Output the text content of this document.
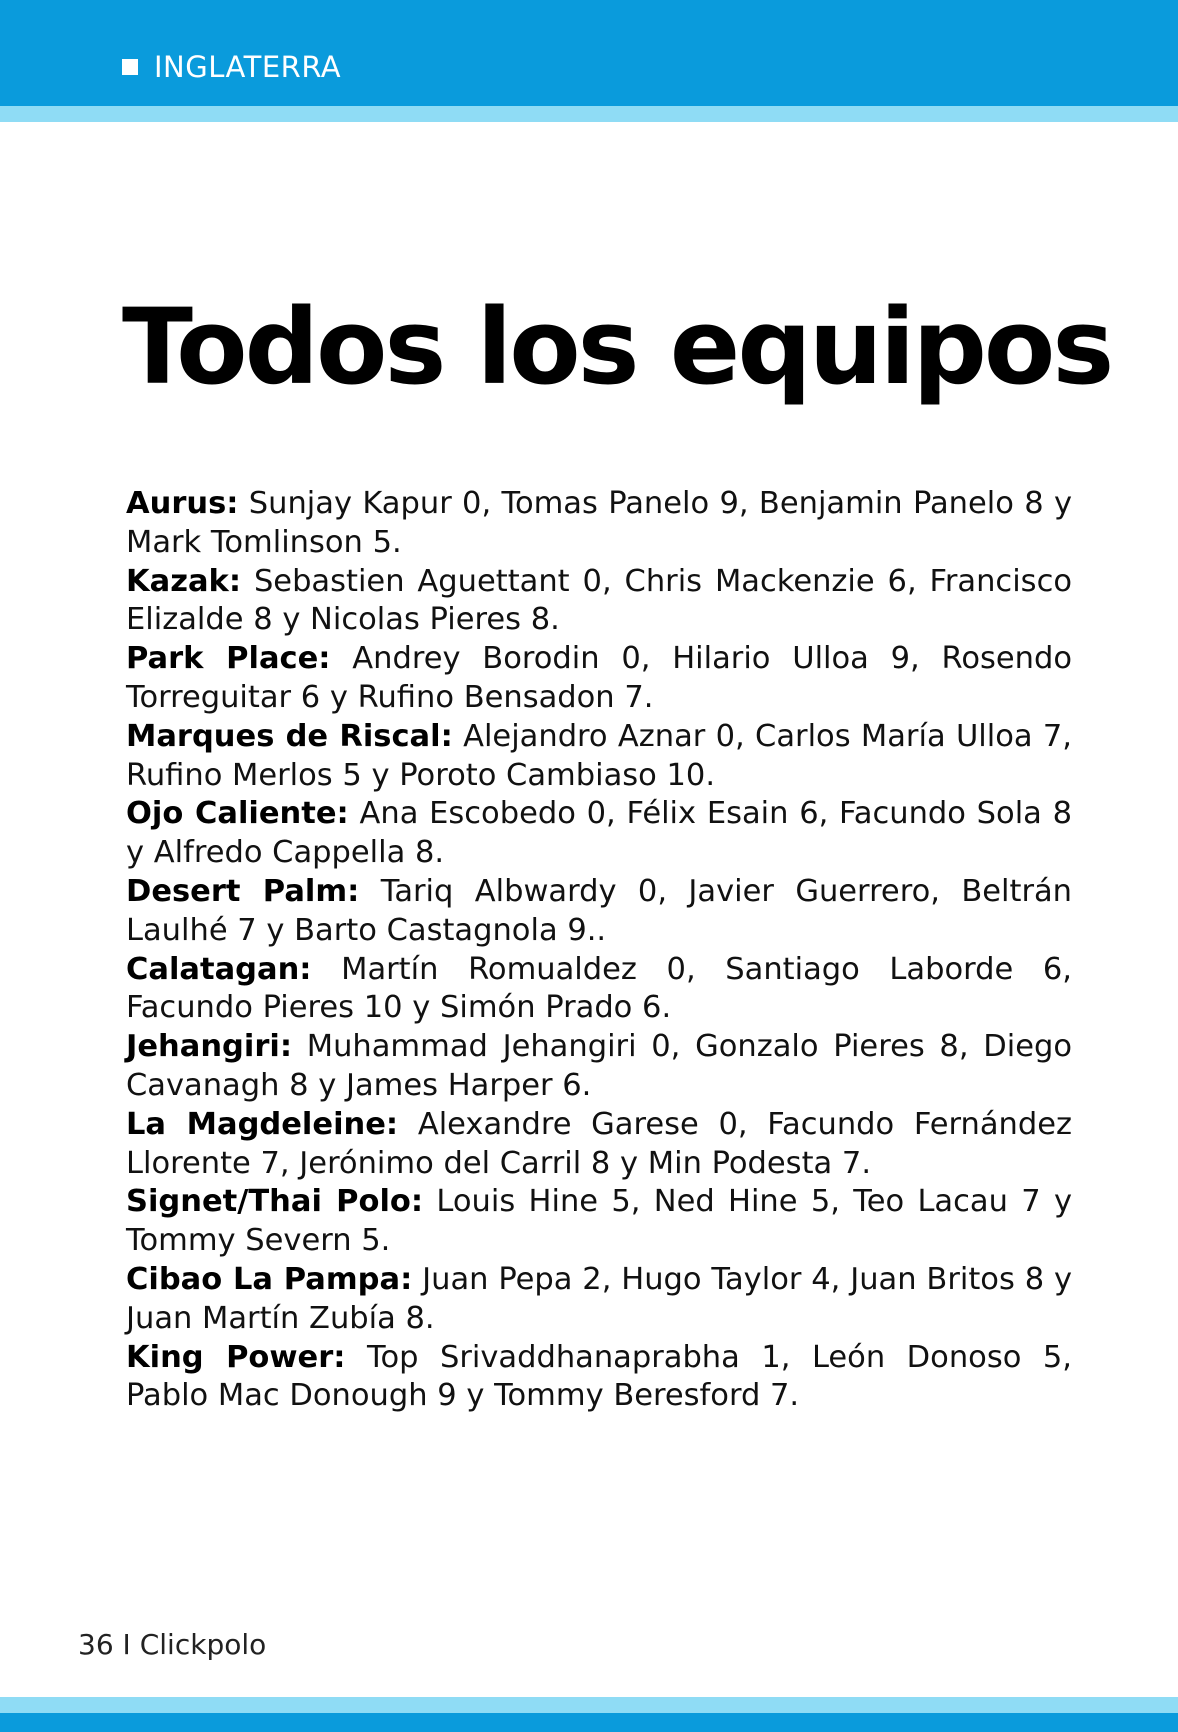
INGLATERRA
Todos los equipos

Aurus: Sunjay Kapur 0, Tomas Panelo 9, Benjamin Panelo 8 y Mark Tomlinson 5.

Kazak: Sebastien Aguettant 0, Chris Mackenzie 6, Francisco Elizalde 8 y Nicolas Pieres 8.

Park Place: Andrey Borodin 0, Hilario Ulloa 9, Rosendo Torreguitar 6 y Rufino Bensadon 7.

Marques de Riscal: Alejandro Aznar 0, Carlos María Ulloa 7, Rufino Merlos 5 y Poroto Cambiaso 10.

Ojo Caliente: Ana Escobedo 0, Félix Esain 6, Facundo Sola 8 y Alfredo Cappella 8.

Desert Palm: Tariq Albwardy 0, Javier Guerrero, Beltrán Laulhé 7 y Barto Castagnola 9..

Calatagan: Martín Romualdez 0, Santiago Laborde 6, Facundo Pieres 10 y Simón Prado 6.

Jehangiri: Muhammad Jehangiri 0, Gonzalo Pieres 8, Diego Cavanagh 8 y James Harper 6.

La Magdeleine: Alexandre Garese 0, Facundo Fernández Llorente 7, Jerónimo del Carril 8 y Min Podesta 7.

Signet/Thai Polo: Louis Hine 5, Ned Hine 5, Teo Lacau 7 y Tommy Severn 5.

Cibao La Pampa: Juan Pepa 2, Hugo Taylor 4, Juan Britos 8 y Juan Martín Zubía 8.

King Power: Top Srivaddhanaprabha 1, León Donoso 5, Pablo Mac Donough 9 y Tommy Beresford 7.

36 I Clickpolo
